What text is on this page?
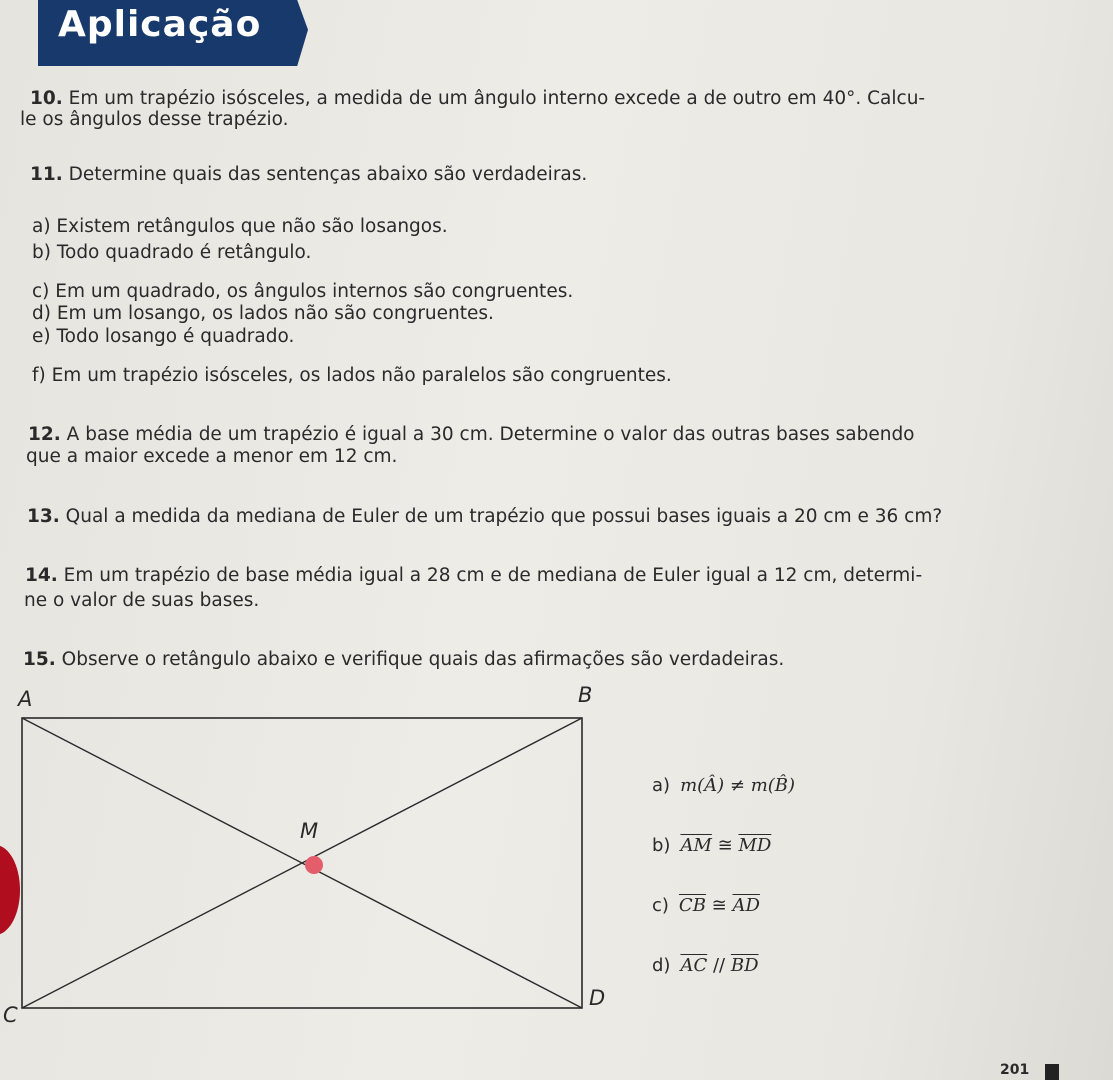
Aplicação
10. Em um trapézio isósceles, a medida de um ângulo interno excede a de outro em 40°. Calcu-
le os ângulos desse trapézio.
11. Determine quais das sentenças abaixo são verdadeiras.
a) Existem retângulos que não são losangos.
b) Todo quadrado é retângulo.
c) Em um quadrado, os ângulos internos são congruentes.
d) Em um losango, os lados não são congruentes.
e) Todo losango é quadrado.
f) Em um trapézio isósceles, os lados não paralelos são congruentes.
12. A base média de um trapézio é igual a 30 cm. Determine o valor das outras bases sabendo
que a maior excede a menor em 12 cm.
13. Qual a medida da mediana de Euler de um trapézio que possui bases iguais a 20 cm e 36 cm?
14. Em um trapézio de base média igual a 28 cm e de mediana de Euler igual a 12 cm, determi-
ne o valor de suas bases.
15. Observe o retângulo abaixo e verifique quais das afirmações são verdadeiras.
A	B
C
D
M
a) m(Â) ≠ m(B̂)
b) $\overline{AM}$ ≅ $\overline{MD}$
c) $\overline{CB}$ ≅ $\overline{AD}$
d) $\overline{AC} // \overline{BD}$
201
